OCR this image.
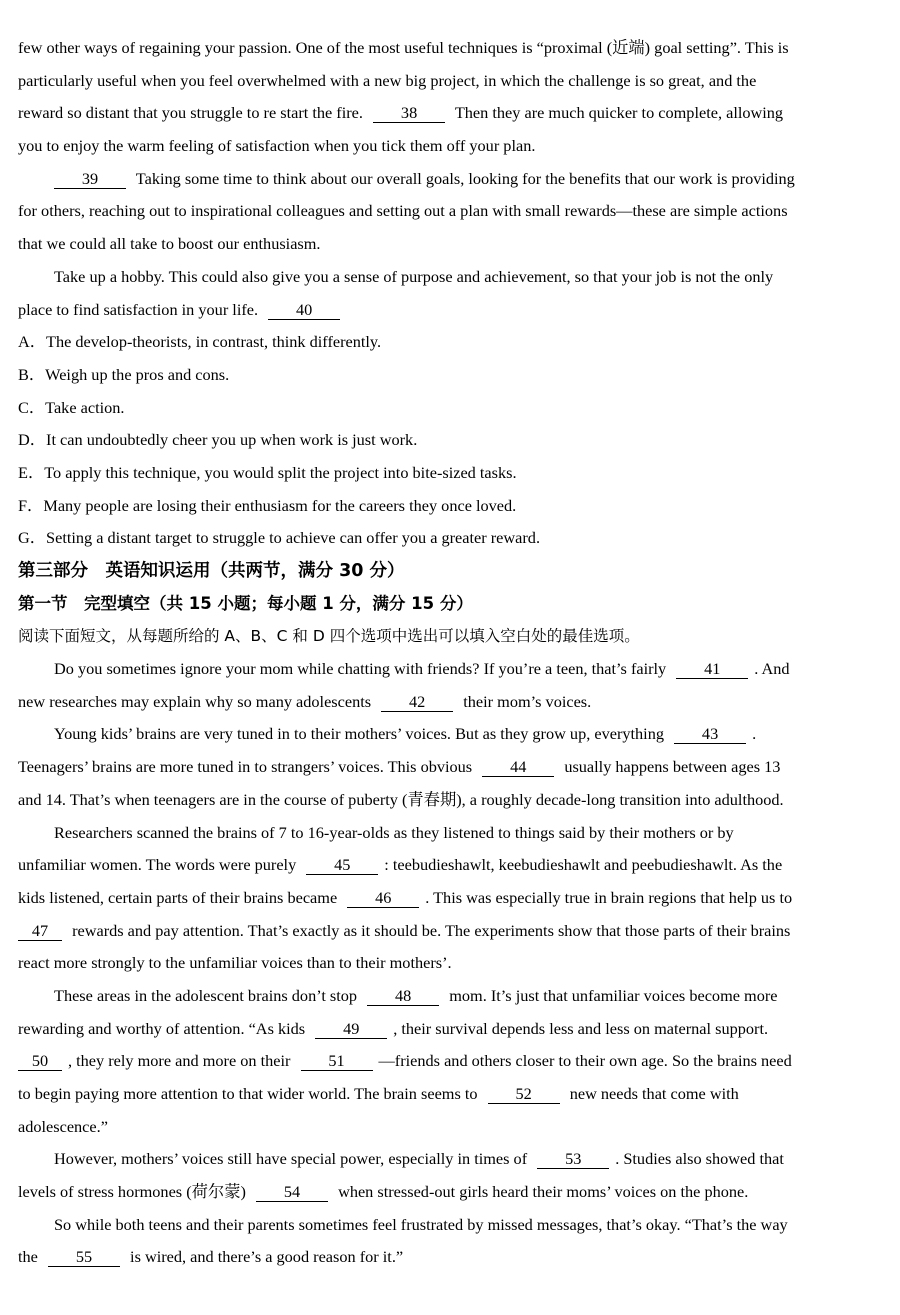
few other ways of regaining your passion. One of the most useful techniques is “proximal (近端) goal setting”. This is
particularly useful when you feel overwhelmed with a new big project, in which the challenge is so great, and the
reward so distant that you struggle to re start the fire. 38 Then they are much quicker to complete, allowing
you to enjoy the warm feeling of satisfaction when you tick them off your plan.
39 Taking some time to think about our overall goals, looking for the benefits that our work is providing
for others, reaching out to inspirational colleagues and setting out a plan with small rewards—these are simple actions
that we could all take to boost our enthusiasm.
Take up a hobby. This could also give you a sense of purpose and achievement, so that your job is not the only
place to find satisfaction in your life. 40
A．The develop-theorists, in contrast, think differently.
B．Weigh up the pros and cons.
C．Take action.
D．It can undoubtedly cheer you up when work is just work.
E．To apply this technique, you would split the project into bite-sized tasks.
F．Many people are losing their enthusiasm for the careers they once loved.
G．Setting a distant target to struggle to achieve can offer you a greater reward.
第三部分　英语知识运用（共两节，满分 30 分）
第一节　完型填空（共 15 小题；每小题 1 分，满分 15 分）
阅读下面短文，从每题所给的 A、B、C 和 D 四个选项中选出可以填入空白处的最佳选项。
Do you sometimes ignore your mom while chatting with friends? If you’re a teen, that’s fairly 41 . And
new researches may explain why so many adolescents 42 their mom’s voices.
Young kids’ brains are very tuned in to their mothers’ voices. But as they grow up, everything 43 .
Teenagers’ brains are more tuned in to strangers’ voices. This obvious 44 usually happens between ages 13
and 14. That’s when teenagers are in the course of puberty (青春期), a roughly decade-long transition into adulthood.
Researchers scanned the brains of 7 to 16-year-olds as they listened to things said by their mothers or by
unfamiliar women. The words were purely 45 : teebudieshawlt, keebudieshawlt and peebudieshawlt. As the
kids listened, certain parts of their brains became 46 . This was especially true in brain regions that help us to
47 rewards and pay attention. That’s exactly as it should be. The experiments show that those parts of their brains
react more strongly to the unfamiliar voices than to their mothers’.
These areas in the adolescent brains don’t stop 48 mom. It’s just that unfamiliar voices become more
rewarding and worthy of attention. “As kids 49 , their survival depends less and less on maternal support.
50 , they rely more and more on their 51 —friends and others closer to their own age. So the brains need
to begin paying more attention to that wider world. The brain seems to 52 new needs that come with
adolescence.”
However, mothers’ voices still have special power, especially in times of 53 . Studies also showed that
levels of stress hormones (荷尔蒙) 54 when stressed-out girls heard their moms’ voices on the phone.
So while both teens and their parents sometimes feel frustrated by missed messages, that’s okay. “That’s the way
the 55 is wired, and there’s a good reason for it.”
